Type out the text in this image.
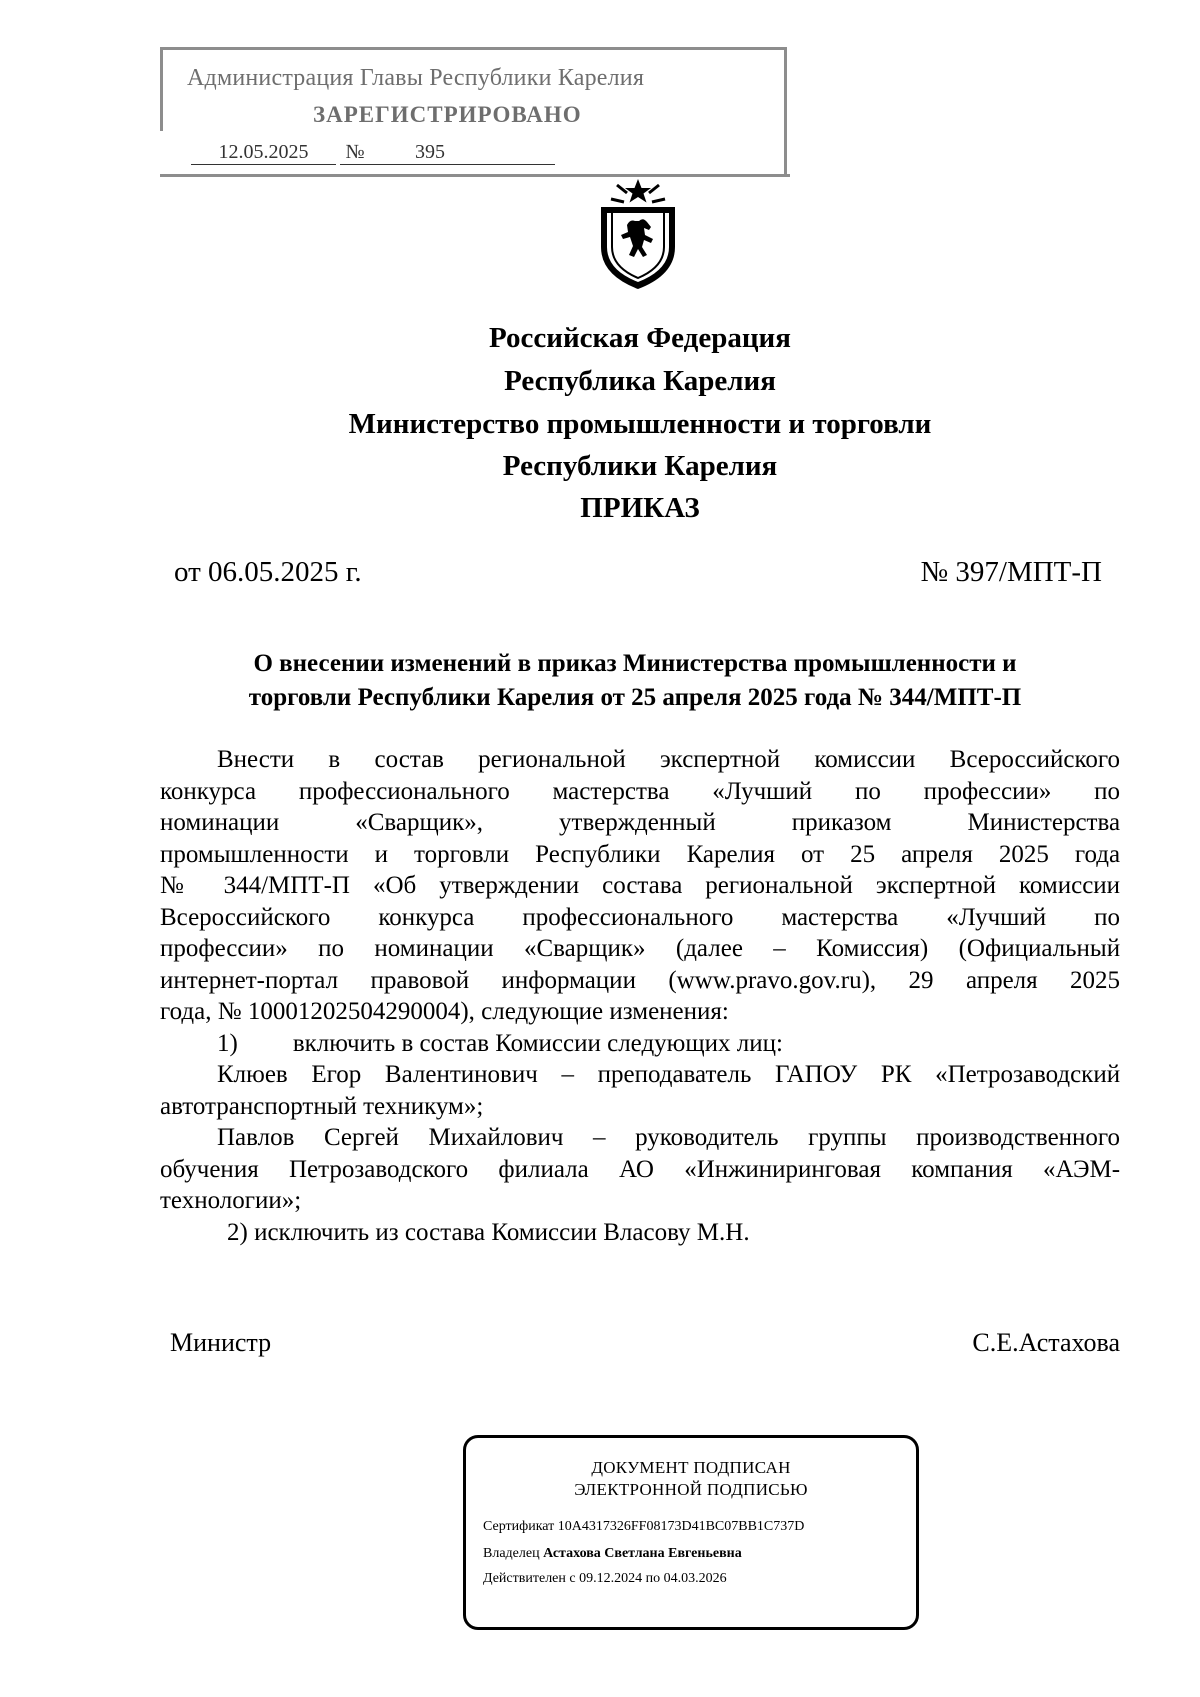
Администрация Главы Республики Карелия
ЗАРЕГИСТРИРОВАНО
12.05.2025 №	395
Российская Федерация
Республика Карелия
Министерство промышленности и торговли
Республики Карелия
ПРИКАЗ
от 06.05.2025 г.	№ 397/МПТ-П
О внесении изменений в приказ Министерства промышленности и
торговли Республики Карелия от 25 апреля 2025 года № 344/МПТ-П
Внести в состав региональной экспертной комиссии Всероссийского
конкурса профессионального мастерства «Лучший по профессии» по
номинации	«Сварщик»,	утвержденный	приказом	Министерства
промышленности и торговли Республики Карелия от 25 апреля 2025 года
№ 344/МПТ-П «Об утверждении состава региональной экспертной комиссии
Всероссийского конкурса профессионального мастерства «Лучший по
профессии» по номинации «Сварщик» (далее – Комиссия) (Официальный
интернет-портал правовой информации (www.pravo.gov.ru), 29 апреля 2025
года, № 10001202504290004), следующие изменения:
1) включить в состав Комиссии следующих лиц:
Клюев Егор Валентинович – преподаватель ГАПОУ РК «Петрозаводский
автотранспортный техникум»;
Павлов Сергей Михайлович – руководитель группы производственного
обучения Петрозаводского филиала АО «Инжиниринговая компания «АЭМ-
технологии»;
2) исключить из состава Комиссии Власову М.Н.
Министр	С.Е.Астахова
ДОКУМЕНТ ПОДПИСАН
ЭЛЕКТРОННОЙ ПОДПИСЬЮ
Сертификат 10A4317326FF08173D41BC07BB1C737D
Владелец Астахова Светлана Евгеньевна
Действителен с 09.12.2024 по 04.03.2026
